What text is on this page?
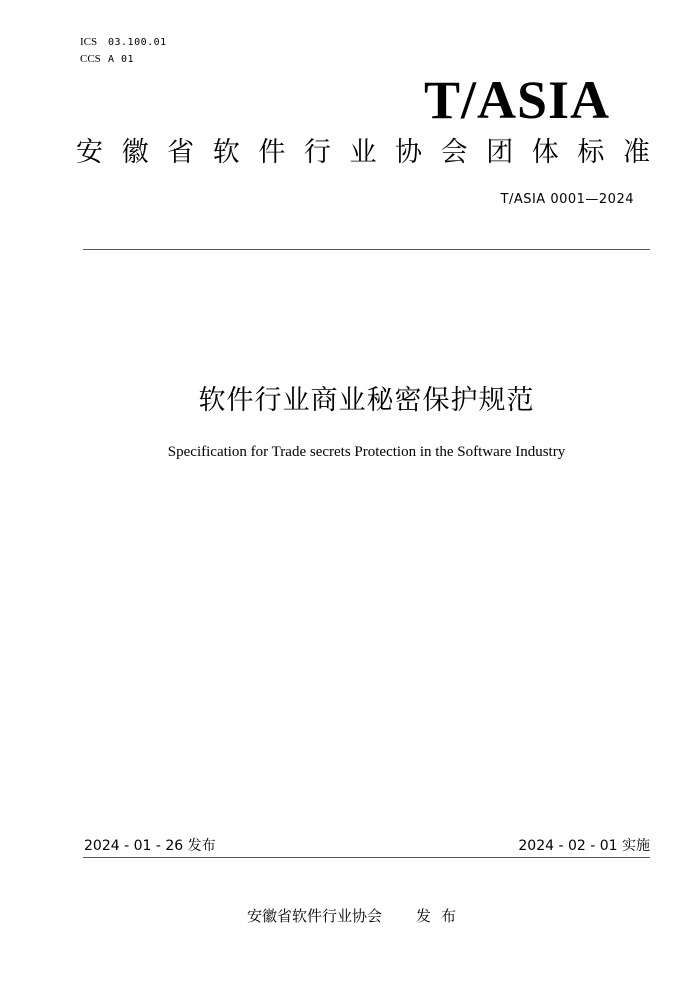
ICS 03.100.01
CCS A 01
T/ASIA
安 徽 省 软 件 行 业 协 会 团 体 标 准
T/ASIA 0001—2024
软件行业商业秘密保护规范
Specification for Trade secrets Protection in the Software Industry
2024 - 01 - 26 发布	2024 - 02 - 01 实施
安徽省软件行业协会 发布
